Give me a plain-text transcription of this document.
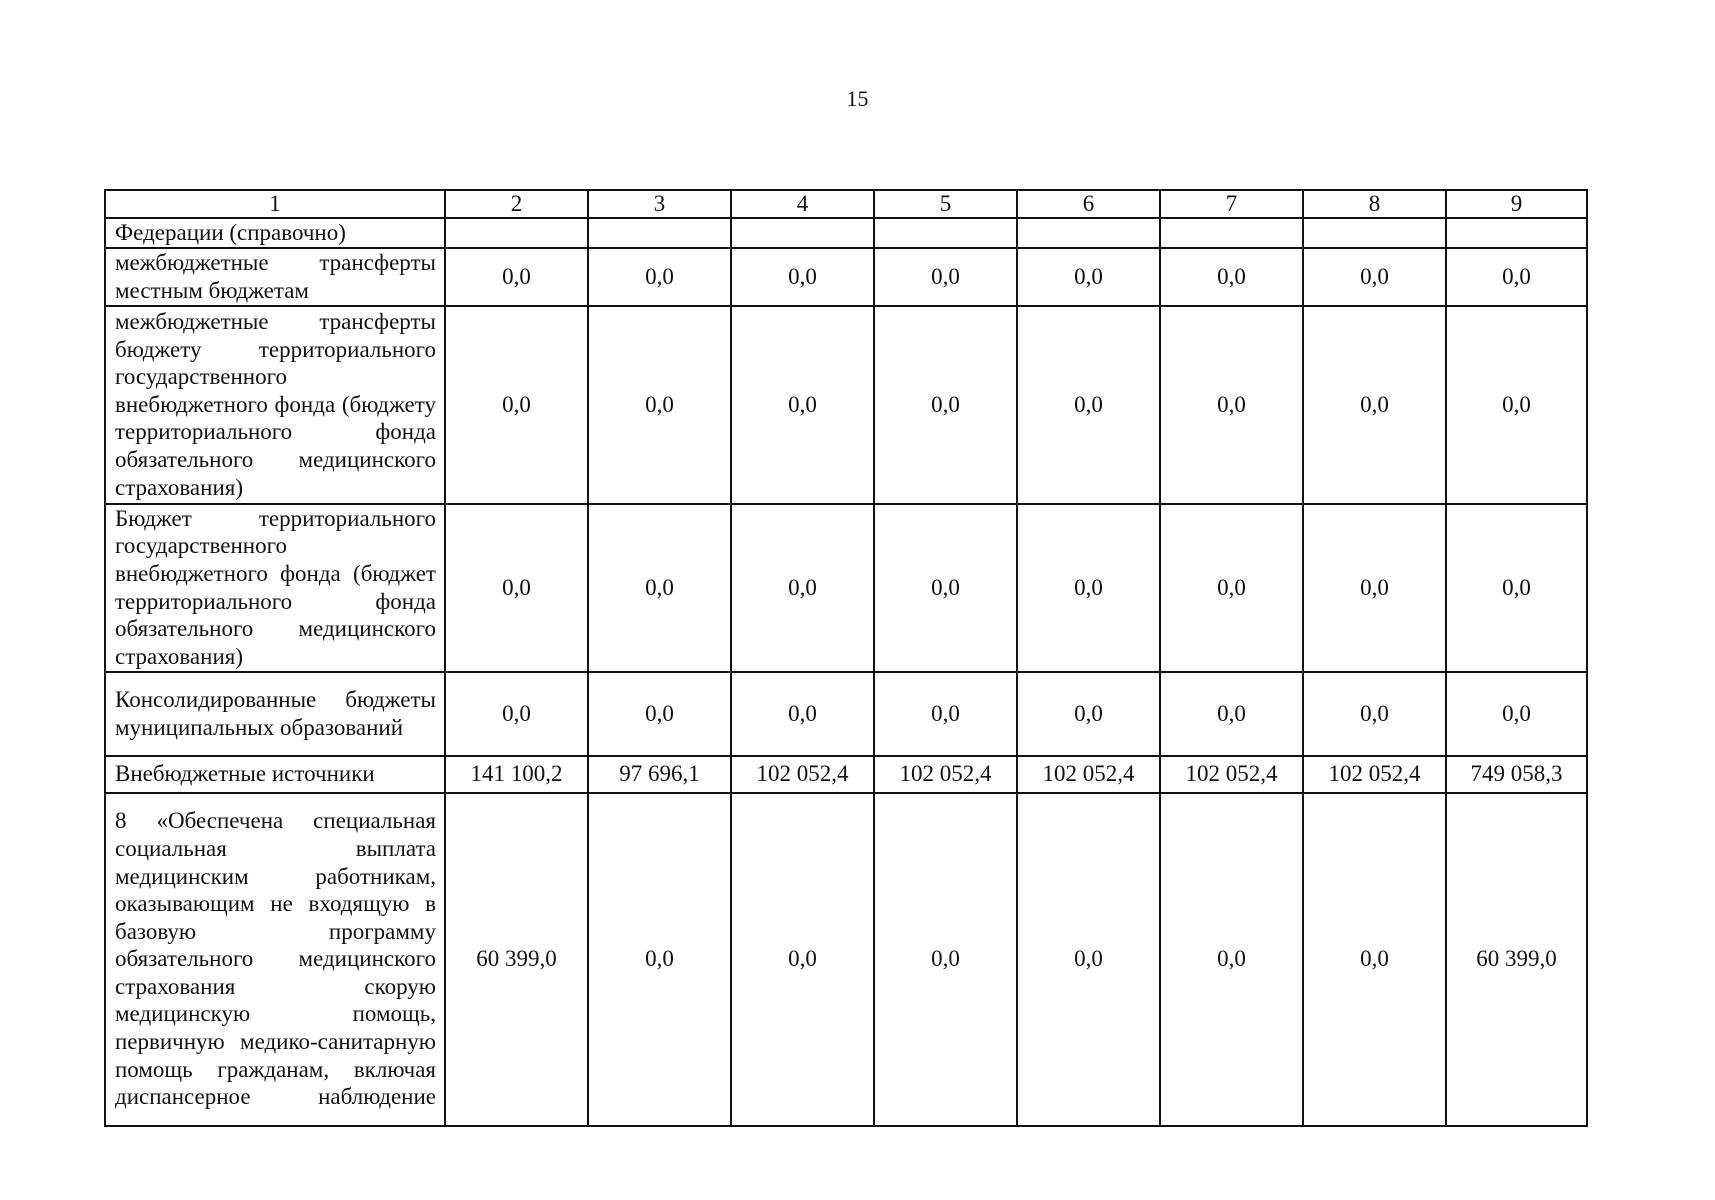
15
1	2	3	4	5	6	7	8	9
Федерации (справочно)								
межбюджетные трансферты местным бюджетам	0,0	0,0	0,0	0,0	0,0	0,0	0,0	0,0
межбюджетные трансферты бюджету территориального государственного внебюджетного фонда (бюджету территориального фонда обязательного медицинского страхования)	0,0	0,0	0,0	0,0	0,0	0,0	0,0	0,0
Бюджет территориального государственного внебюджетного фонда (бюджет территориального фонда обязательного медицинского страхования)	0,0	0,0	0,0	0,0	0,0	0,0	0,0	0,0
Консолидированные бюджеты муниципальных образований	0,0	0,0	0,0	0,0	0,0	0,0	0,0	0,0
Внебюджетные источники	141 100,2	97 696,1	102 052,4	102 052,4	102 052,4	102 052,4	102 052,4	749 058,3
8 «Обеспечена специальная социальная выплата медицинским работникам, оказывающим не входящую в базовую программу обязательного медицинского страхования скорую медицинскую помощь, первичную медико-санитарную помощь гражданам, включая диспансерное наблюдение	60 399,0	0,0	0,0	0,0	0,0	0,0	0,0	60 399,0
